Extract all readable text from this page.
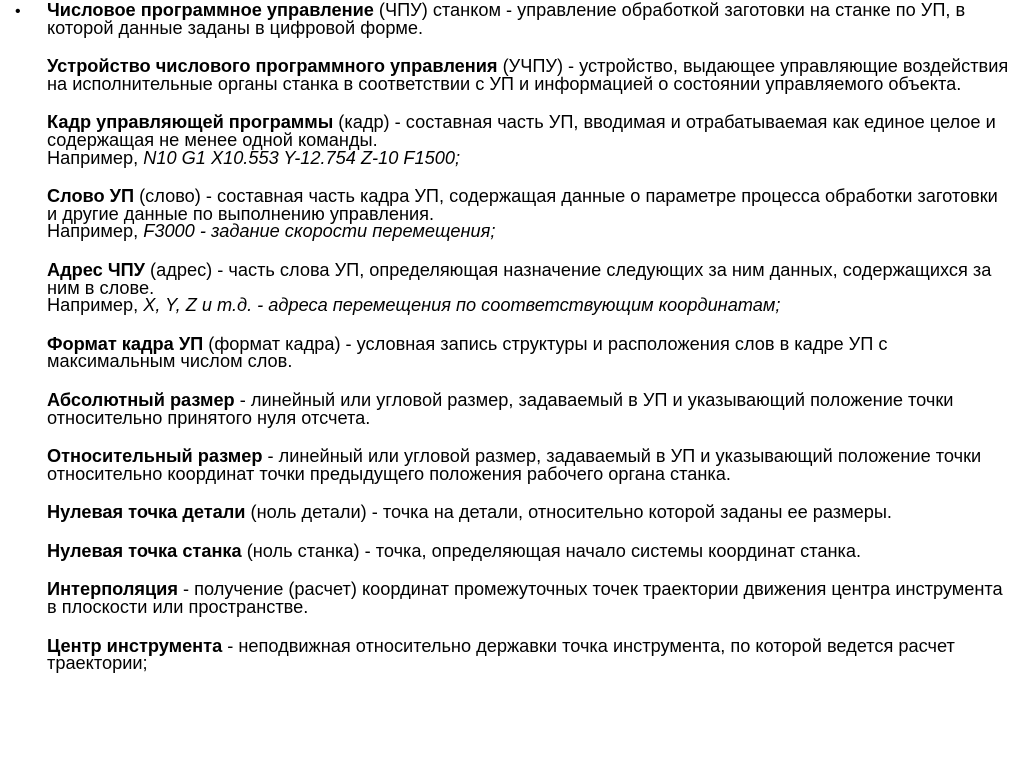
• Числовое программное управление (ЧПУ) станком - управление обработкой заготовки на станке по УП, в которой данные заданы в цифровой форме.
Устройство числового программного управления (УЧПУ) - устройство, выдающее управляющие воздействия на исполнительные органы станка в соответствии с УП и информацией о состоянии управляемого объекта.
Кадр управляющей программы (кадр) - составная часть УП, вводимая и отрабатываемая как единое целое и содержащая не менее одной команды.
Например, N10 G1 X10.553 Y-12.754 Z-10 F1500;
Слово УП (слово) - составная часть кадра УП, содержащая данные о параметре процесса обработки заготовки и другие данные по выполнению управления.
Например, F3000 - задание скорости перемещения;
Адрес ЧПУ (адрес) - часть слова УП, определяющая назначение следующих за ним данных, содержащихся за ним в слове.
Например, X, Y, Z и т.д. - адреса перемещения по соответствующим координатам;
Формат кадра УП (формат кадра) - условная запись структуры и расположения слов в кадре УП с максимальным числом слов.
Абсолютный размер - линейный или угловой размер, задаваемый в УП и указывающий положение точки относительно принятого нуля отсчета.
Относительный размер - линейный или угловой размер, задаваемый в УП и указывающий положение точки относительно координат точки предыдущего положения рабочего органа станка.
Нулевая точка детали (ноль детали) - точка на детали, относительно которой заданы ее размеры.
Нулевая точка станка (ноль станка) - точка, определяющая начало системы координат станка.
Интерполяция - получение (расчет) координат промежуточных точек траектории движения центра инструмента в плоскости или пространстве.
Центр инструмента - неподвижная относительно державки точка инструмента, по которой ведется расчет траектории;
